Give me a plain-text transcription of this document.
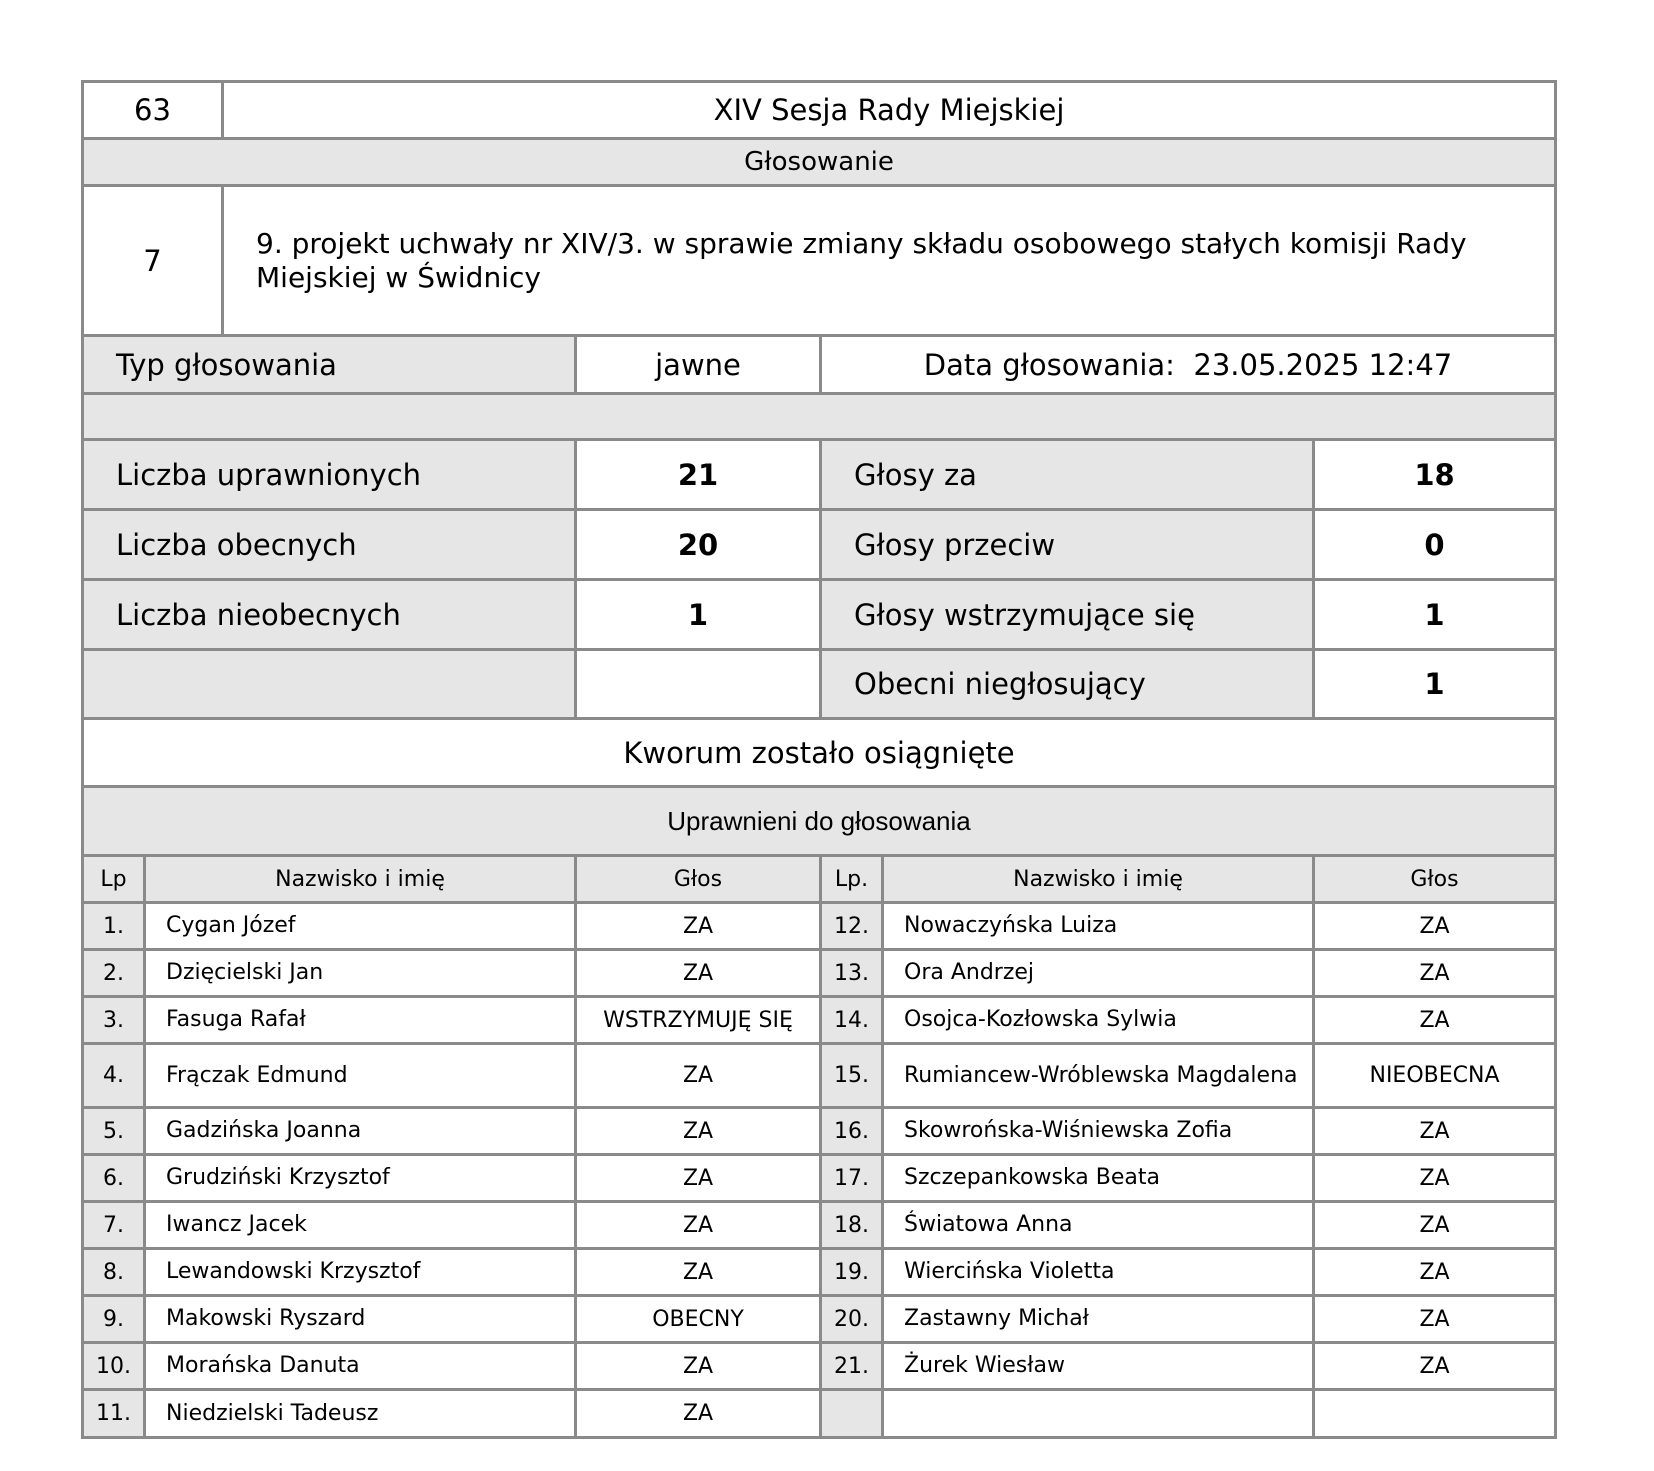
63	XIV Sesja Rady Miejskiej
Głosowanie	
7	9. projekt uchwały nr XIV/3. w sprawie zmiany składu osobowego stałych komisji Rady Miejskiej w Świdnicy
Typ głosowania	jawne	Data głosowania: 23.05.2025 12:47	

Liczba uprawnionych	21	Głosy za	18
Liczba obecnych	20	Głosy przeciw	0
Liczba nieobecnych	1	Głosy wstrzymujące się	1
		Obecni niegłosujący	1
Kworum zostało osiągnięte			
Uprawnieni do głosowania			
Lp	Nazwisko i imię	Głos	Lp.	Nazwisko i imię	Głos
1.	Cygan Józef	ZA	12.	Nowaczyńska Luiza	ZA
2.	Dzięcielski Jan	ZA	13.	Ora Andrzej	ZA
3.	Fasuga Rafał	WSTRZYMUJĘ SIĘ	14.	Osojca-Kozłowska Sylwia	ZA
4.	Frączak Edmund	ZA	15.	Rumiancew-Wróblewska Magdalena	NIEOBECNA
5.	Gadzińska Joanna	ZA	16.	Skowrońska-Wiśniewska Zofia	ZA
6.	Grudziński Krzysztof	ZA	17.	Szczepankowska Beata	ZA
7.	Iwancz Jacek	ZA	18.	Światowa Anna	ZA
8.	Lewandowski Krzysztof	ZA	19.	Wiercińska Violetta	ZA
9.	Makowski Ryszard	OBECNY	20.	Zastawny Michał	ZA
10.	Morańska Danuta	ZA	21.	Żurek Wiesław	ZA
11.	Niedzielski Tadeusz	ZA			
